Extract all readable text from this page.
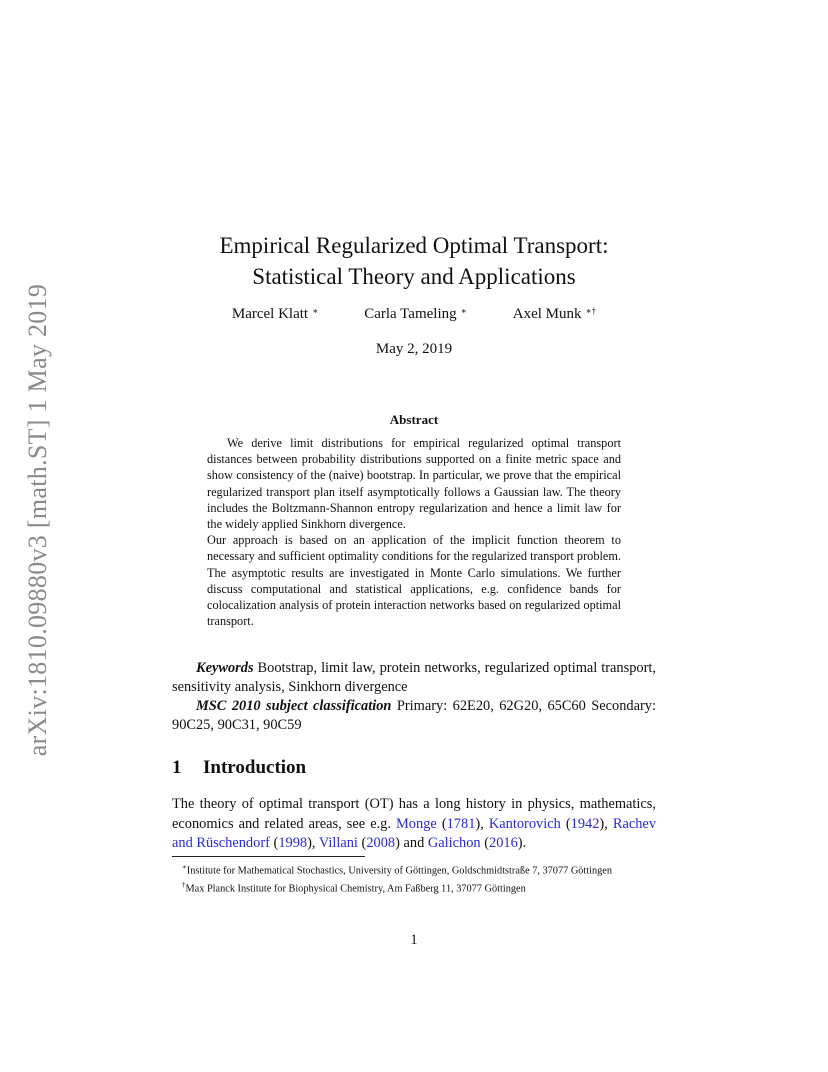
arXiv:1810.09880v3 [math.ST] 1 May 2019
Empirical Regularized Optimal Transport:
Statistical Theory and Applications
Marcel Klatt ∗	Carla Tameling ∗	Axel Munk ∗†
May 2, 2019
Abstract

We derive limit distributions for empirical regularized optimal transport distances between probability distributions supported on a finite metric space and show consistency of the (naive) bootstrap. In particular, we prove that the empirical regularized transport plan itself asymptotically follows a Gaussian law. The theory includes the Boltzmann-Shannon entropy regularization and hence a limit law for the widely applied Sinkhorn divergence.

Our approach is based on an application of the implicit function theorem to necessary and sufficient optimality conditions for the regularized transport problem. The asymptotic results are investigated in Monte Carlo simulations. We further discuss computational and statistical applications, e.g. confidence bands for colocalization analysis of protein interaction networks based on regularized optimal transport.

Keywords Bootstrap, limit law, protein networks, regularized optimal transport, sensitivity analysis, Sinkhorn divergence

MSC 2010 subject classification Primary: 62E20, 62G20, 65C60 Secondary: 90C25, 90C31, 90C59

1 Introduction

The theory of optimal transport (OT) has a long history in physics, mathematics, economics and related areas, see e.g. Monge (1781), Kantorovich (1942), Rachev and Rüschendorf (1998), Villani (2008) and Galichon (2016).

∗Institute for Mathematical Stochastics, University of Göttingen, Goldschmidtstraße 7, 37077 Göttingen

†Max Planck Institute for Biophysical Chemistry, Am Faßberg 11, 37077 Göttingen

1
